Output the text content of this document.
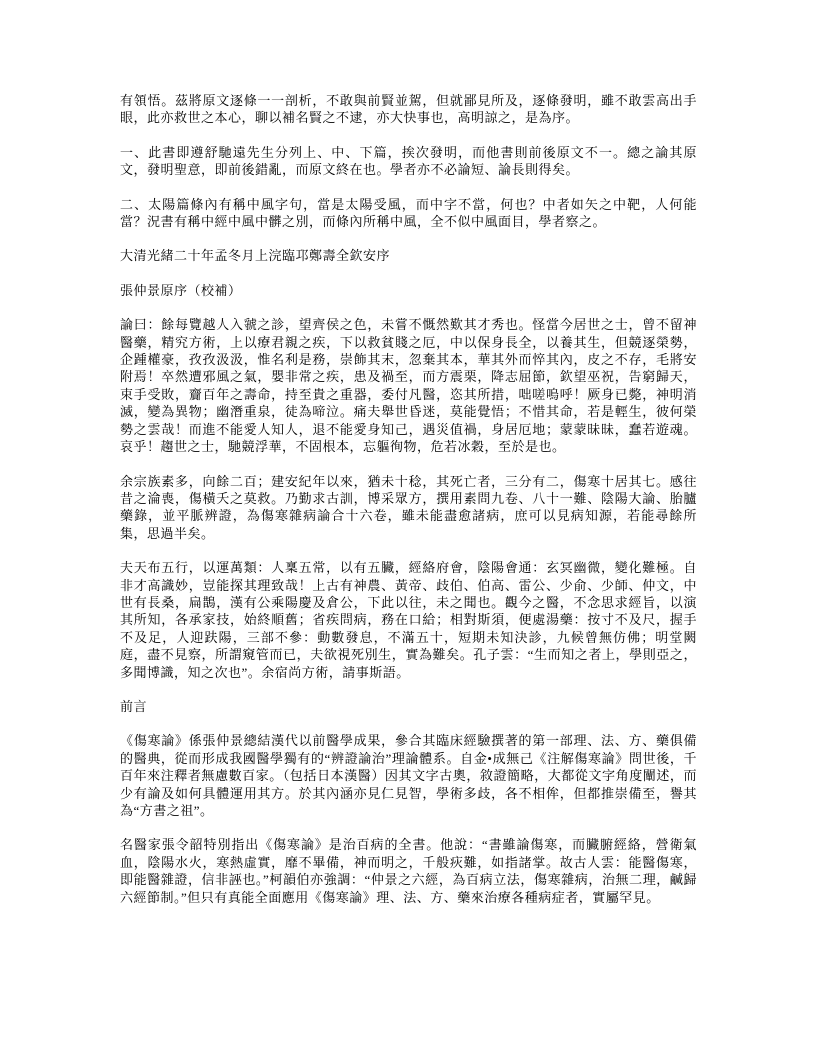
有領悟。茲將原文逐條一一剖析，不敢與前賢並駕，但就鄙見所及，逐條發明，雖不敢雲高出手眼，此亦救世之本心，聊以補名賢之不逮，亦大快事也，高明諒之，是為序。

一、此書即遵舒馳遠先生分列上、中、下篇，挨次發明，而他書則前後原文不一。總之論其原文，發明聖意，即前後錯亂，而原文終在也。學者亦不必論短、論長則得矣。

二、太陽篇條內有稱中風字句，當是太陽受風，而中字不當，何也？中者如矢之中靶，人何能當？況書有稱中經中風中髒之別，而條內所稱中風，全不似中風面目，學者察之。

大清光緒二十年孟冬月上浣臨邛鄭壽全欽安序

張仲景原序（校補）

論曰：餘每覽越人入虢之診，望齊侯之色，未嘗不慨然歎其才秀也。怪當今居世之士，曾不留神醫藥，精究方術，上以療君親之疾，下以救貧賤之厄，中以保身長全，以養其生，但競逐榮勢，企踵權豪，孜孜汲汲，惟名利是務，崇飾其末，忽棄其本，華其外而悴其內，皮之不存，毛將安附焉！卒然遭邪風之氣，嬰非常之疾，患及禍至，而方震栗，降志屈節，欽望巫祝，告窮歸天，束手受敗，齎百年之壽命，持至貴之重器，委付凡醫，恣其所措，咄嗟嗚呼！厥身已斃，神明消滅，變為異物；幽潛重泉，徒為啼泣。痛夫舉世昏迷，莫能覺悟；不惜其命，若是輕生，彼何榮勢之雲哉！而進不能愛人知人，退不能愛身知己，遇災值禍，身居厄地；蒙蒙昧昧，蠢若遊魂。哀乎！趨世之士，馳競浮華，不固根本，忘軀徇物，危若冰穀，至於是也。

余宗族素多，向餘二百；建安紀年以來，猶未十稔，其死亡者，三分有二，傷寒十居其七。感往昔之淪喪，傷橫夭之莫救。乃勤求古訓，博采眾方，撰用素問九卷、八十一難、陰陽大論、胎臚藥錄，並平脈辨證，為傷寒雜病論合十六卷，雖未能盡愈諸病，庶可以見病知源，若能尋餘所集，思過半矣。

夫天布五行，以運萬類：人稟五常，以有五臟，經絡府會，陰陽會通：玄冥幽微，變化難極。自非才高識妙，豈能探其理致哉！上古有神農、黃帝、歧伯、伯高、雷公、少俞、少師、仲文，中世有長桑，扁鵲，漢有公乘陽慶及倉公，下此以往，未之聞也。觀今之醫，不念思求經旨，以演其所知，各承家技，始終順舊；省疾問病，務在口給；相對斯須，便處湯藥：按寸不及尺，握手不及足，人迎趺陽，三部不參：動數發息，不滿五十，短期未知決診，九候曾無仿佛；明堂闕庭，盡不見察，所謂窺管而已，夫欲視死別生，實為難矣。孔子雲：“生而知之者上，學則亞之，多聞博識，知之次也”。余宿尚方術，請事斯語。

前言

《傷寒論》係張仲景總結漢代以前醫學成果，參合其臨床經驗撰著的第一部理、法、方、藥俱備的醫典，從而形成我國醫學獨有的“辨證論治”理論體系。自金•成無己《注解傷寒論》問世後，千百年來注釋者無慮數百家。（包括日本漢醫）因其文字古奧，敘證簡略，大都從文字角度闡述，而少有論及如何具體運用其方。於其內涵亦見仁見智，學術多歧，各不相侔，但都推崇備至，譽其為“方書之祖”。

名醫家張令韶特別指出《傷寒論》是治百病的全書。他說：“書雖論傷寒，而臟腑經絡，營衛氣血，陰陽水火，寒熱虛實，靡不畢備，神而明之，千般疢難，如指諸掌。故古人雲：能醫傷寒，即能醫雜證，信非誣也。”柯韻伯亦強調：“仲景之六經，為百病立法，傷寒雜病，治無二理，鹹歸六經節制。”但只有真能全面應用《傷寒論》理、法、方、藥來治療各種病症者，實屬罕見。
